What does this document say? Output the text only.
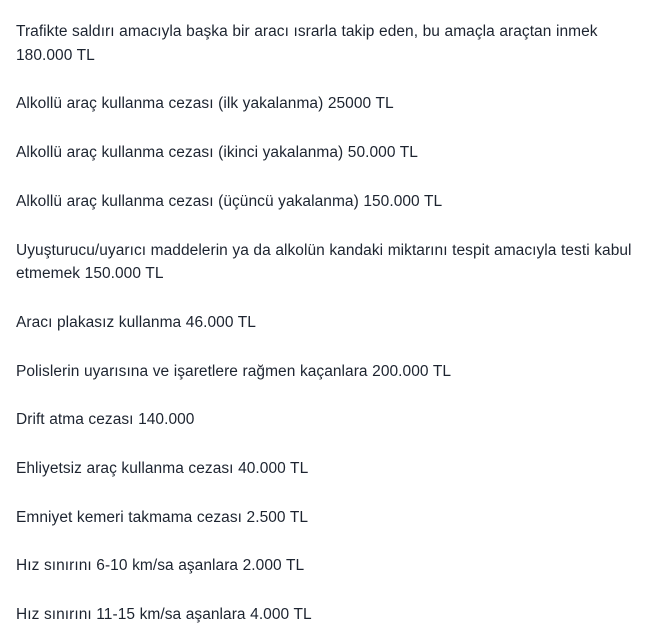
Trafikte saldırı amacıyla başka bir aracı ısrarla takip eden, bu amaçla araçtan inmek 180.000 TL
Alkollü araç kullanma cezası (ilk yakalanma) 25000 TL
Alkollü araç kullanma cezası (ikinci yakalanma) 50.000 TL
Alkollü araç kullanma cezası (üçüncü yakalanma) 150.000 TL
Uyuşturucu/uyarıcı maddelerin ya da alkolün kandaki miktarını tespit amacıyla testi kabul etmemek 150.000 TL
Aracı plakasız kullanma 46.000 TL
Polislerin uyarısına ve işaretlere rağmen kaçanlara 200.000 TL
Drift atma cezası 140.000
Ehliyetsiz araç kullanma cezası 40.000 TL
Emniyet kemeri takmama cezası 2.500 TL
Hız sınırını 6-10 km/sa aşanlara 2.000 TL
Hız sınırını 11-15 km/sa aşanlara 4.000 TL
